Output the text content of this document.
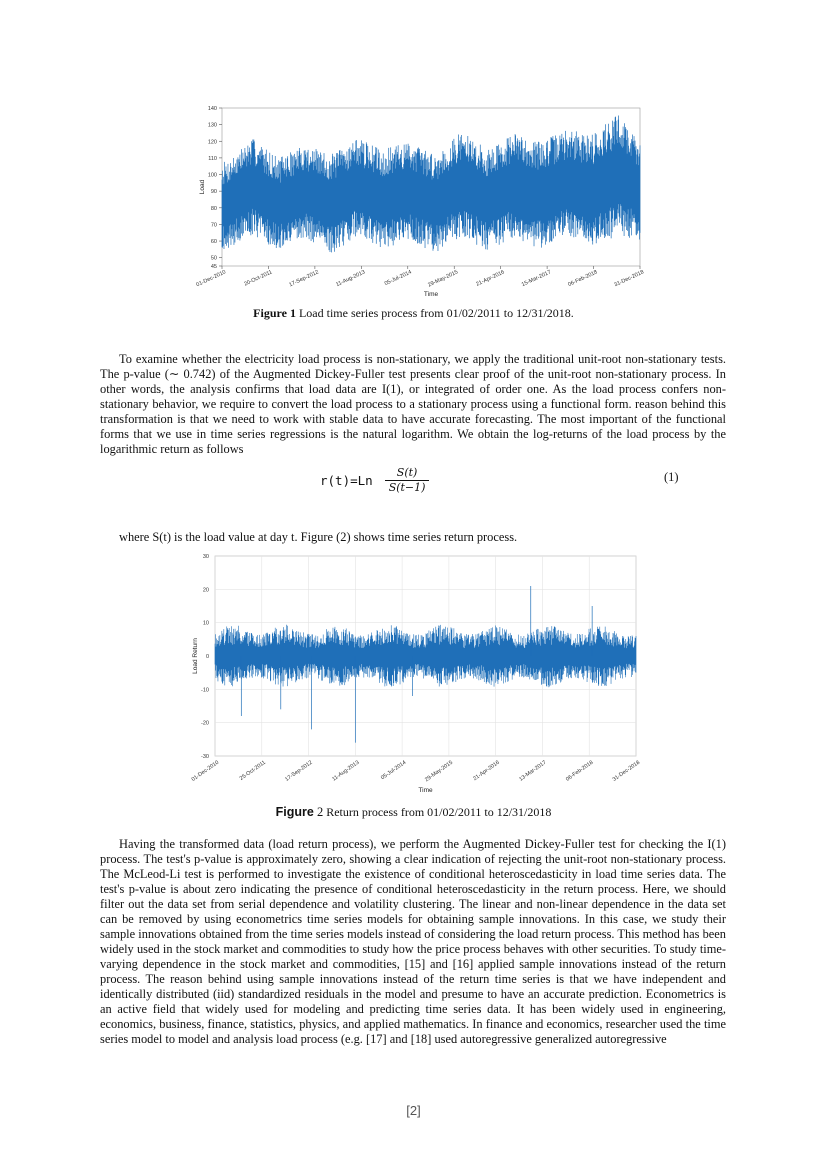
45
50
60
70
80
90
100
110
120
130
140
Load
01-Dec-2010	20-Oct-2011	17-Sep-2012	11-Aug-2013	05-Jul-2014	29-May-2015	21-Apr-2016	15-Mar-2017	06-Feb-2018	31-Dec-2018
Time
Figure 1 Load time series process from 01/02/2011 to 12/31/2018.

To examine whether the electricity load process is non-stationary, we apply the traditional unit-root non-stationary tests. The p-value (∼ 0.742) of the Augmented Dickey-Fuller test presents clear proof of the unit-root non-stationary process. In other words, the analysis confirms that load data are I(1), or integrated of order one. As the load process confers non-stationary behavior, we require to convert the load process to a stationary process using a functional form. reason behind this transformation is that we need to work with stable data to have accurate forecasting. The most important of the functional forms that we use in time series regressions is the natural logarithm. We obtain the log-returns of the load process by the logarithmic return as follows

$r(t)=Ln \frac{S(t)}{S(t-1)}$	(1)
where S(t) is the load value at day t. Figure (2) shows time series return process.
30
20
10
0
-10
-20
-30
Load Return
01-Dec-2010	25-Oct-2011	17-Sep-2012	11-Aug-2013	05-Jul-2014	29-May-2015	21-Apr-2016	13-Mar-2017	06-Feb-2018	31-Dec-2018
Time
Figure 2 Return process from 01/02/2011 to 12/31/2018

Having the transformed data (load return process), we perform the Augmented Dickey-Fuller test for checking the I(1) process. The test's p-value is approximately zero, showing a clear indication of rejecting the unit-root non-stationary process. The McLeod-Li test is performed to investigate the existence of conditional heteroscedasticity in load time series data. The test's p-value is about zero indicating the presence of conditional heteroscedasticity in the return process. Here, we should filter out the data set from serial dependence and volatility clustering. The linear and non-linear dependence in the data set can be removed by using econometrics time series models for obtaining sample innovations. In this case, we study their sample innovations obtained from the time series models instead of considering the load return process. This method has been widely used in the stock market and commodities to study how the price process behaves with other securities. To study time-varying dependence in the stock market and commodities, [15] and [16] applied sample innovations instead of the return process. The reason behind using sample innovations instead of the return time series is that we have independent and identically distributed (iid) standardized residuals in the model and presume to have an accurate prediction. Econometrics is an active field that widely used for modeling and predicting time series data. It has been widely used in engineering, economics, business, finance, statistics, physics, and applied mathematics. In finance and economics, researcher used the time series model to model and analysis load process (e.g. [17] and [18] used autoregressive generalized autoregressive

[2]
